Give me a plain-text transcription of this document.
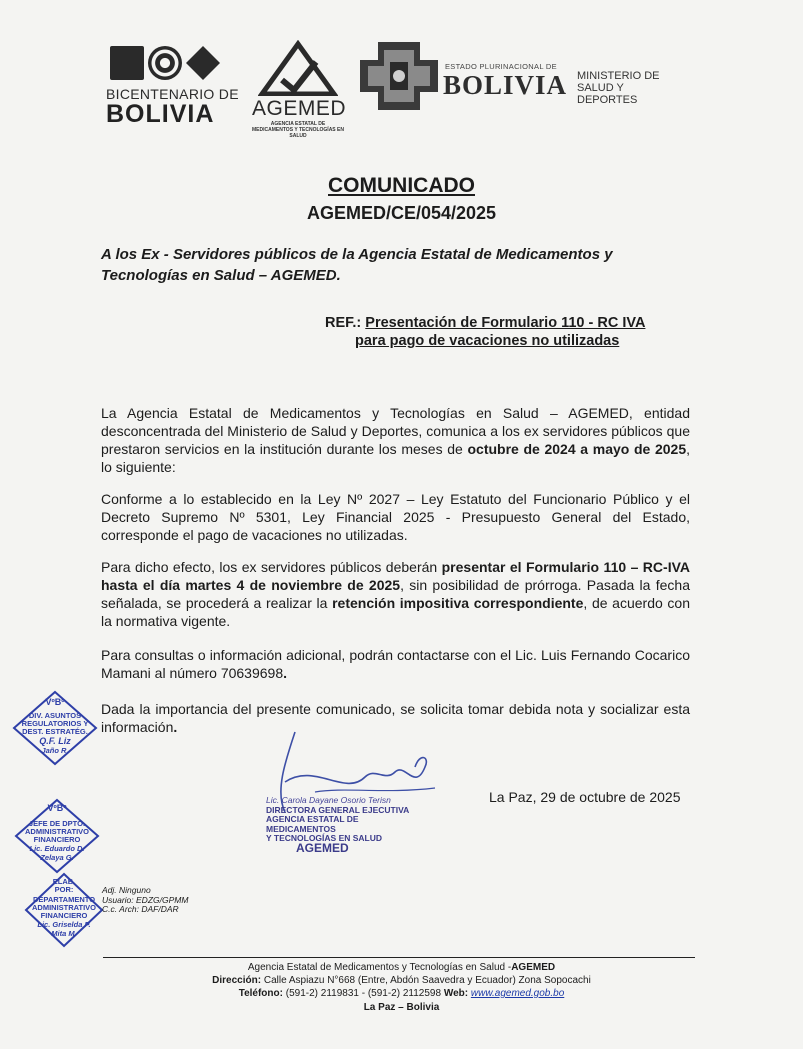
BICENTENARIO DE
BOLIVIA AGEMED
AGENCIA ESTATAL DE MEDICAMENTOS Y TECNOLOGÍAS EN SALUD
ESTADO PLURINACIONAL DE
BOLIVIA MINISTERIO DE SALUD Y DEPORTES
COMUNICADO
AGEMED/CE/054/2025
A los Ex - Servidores públicos de la Agencia Estatal de Medicamentos y Tecnologías en Salud – AGEMED.
REF.: Presentación de Formulario 110 - RC IVA
para pago de vacaciones no utilizadas
La Agencia Estatal de Medicamentos y Tecnologías en Salud – AGEMED, entidad desconcentrada del Ministerio de Salud y Deportes, comunica a los ex servidores públicos que prestaron servicios en la institución durante los meses de octubre de 2024 a mayo de 2025, lo siguiente:
Conforme a lo establecido en la Ley Nº 2027 – Ley Estatuto del Funcionario Público y el Decreto Supremo Nº 5301, Ley Financial 2025 - Presupuesto General del Estado, corresponde el pago de vacaciones no utilizadas.
Para dicho efecto, los ex servidores públicos deberán presentar el Formulario 110 – RC-IVA hasta el día martes 4 de noviembre de 2025, sin posibilidad de prórroga. Pasada la fecha señalada, se procederá a realizar la retención impositiva correspondiente, de acuerdo con la normativa vigente.
Para consultas o información adicional, podrán contactarse con el Lic. Luis Fernando Cocarico Mamani al número 70639698.
Dada la importancia del presente comunicado, se solicita tomar debida nota y socializar esta información.
Lic. Carola Dayane Osorio Terisn
DIRECTORA GENERAL EJECUTIVA
AGENCIA ESTATAL DE MEDICAMENTOS
Y TECNOLOGÍAS EN SALUD
AGEMED
La Paz, 29 de octubre de 2025
VºBº
DIV. ASUNTOS
REGULATORIOS Y
DEST. ESTRATÉG.
Q.F. Liz
Jaño R.
VºBº
JEFE DE DPTO.
ADMINISTRATIVO
FINANCIERO
Lic. Eduardo D.
Zelaya G.
ELAB.
POR:
DEPARTAMENTO
ADMINISTRATIVO
FINANCIERO
Lic. Griselda P.
Mita M.
Adj. Ninguno
Usuario: EDZG/GPMM
C.c. Arch: DAF/DAR
Agencia Estatal de Medicamentos y Tecnologías en Salud -AGEMED
Dirección: Calle Aspiazu N°668 (Entre, Abdón Saavedra y Ecuador) Zona Sopocachi
Teléfono: (591-2) 2119831 - (591-2) 2112598 Web: www.agemed.gob.bo
La Paz – Bolivia
